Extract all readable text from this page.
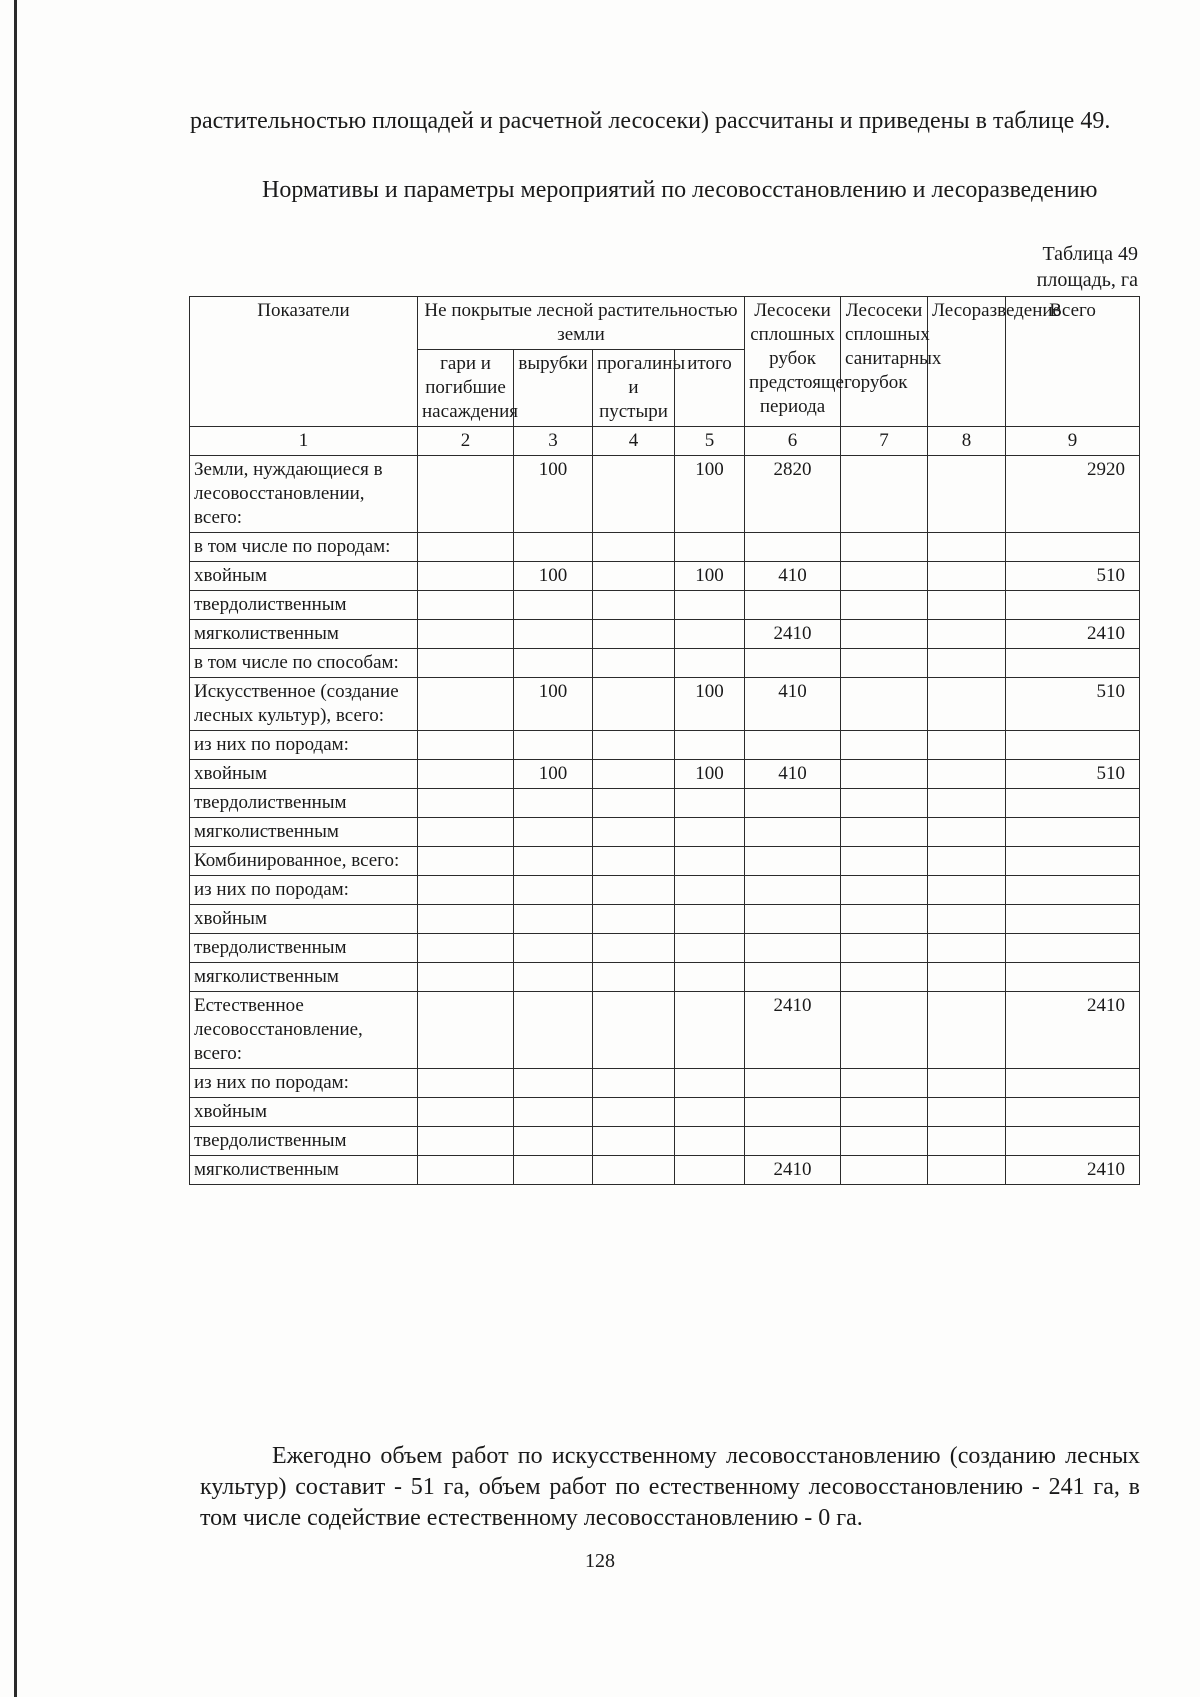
растительностью площадей и расчетной лесосеки) рассчитаны и приведены в таблице 49.

Нормативы и параметры мероприятий по лесовосстановлению и лесоразведению

Таблица 49
площадь, га
Показатели	Не покрытые лесной растительностью земли				Лесосеки сплошных рубок предстоящего периода	Лесосеки сплошных санитарных рубок	Лесоразведение	Всего
	гари и погибшие насаждения	вырубки	прогалины и пустыри	итого				
1	2	3	4	5	6	7	8	9
Земли, нуждающиеся в лесовосстановлении, всего:		100		100	2820			2920
в том числе по породам:								
хвойным		100		100	410			510
твердолиственным								
мягколиственным					2410			2410
в том числе по способам:								
Искусственное (создание лесных культур), всего:		100		100	410			510
из них по породам:								
хвойным		100		100	410			510
твердолиственным								
мягколиственным								
Комбинированное, всего:								
из них по породам:								
хвойным								
твердолиственным								
мягколиственным								
Естественное лесовосстановление, всего:					2410			2410
из них по породам:								
хвойным								
твердолиственным								
мягколиственным					2410			2410

Ежегодно объем работ по искусственному лесовосстановлению (созданию лесных культур) составит - 51 га, объем работ по естественному лесовосстановлению - 241 га, в том числе содействие естественному лесовосстановлению - 0 га.

128
